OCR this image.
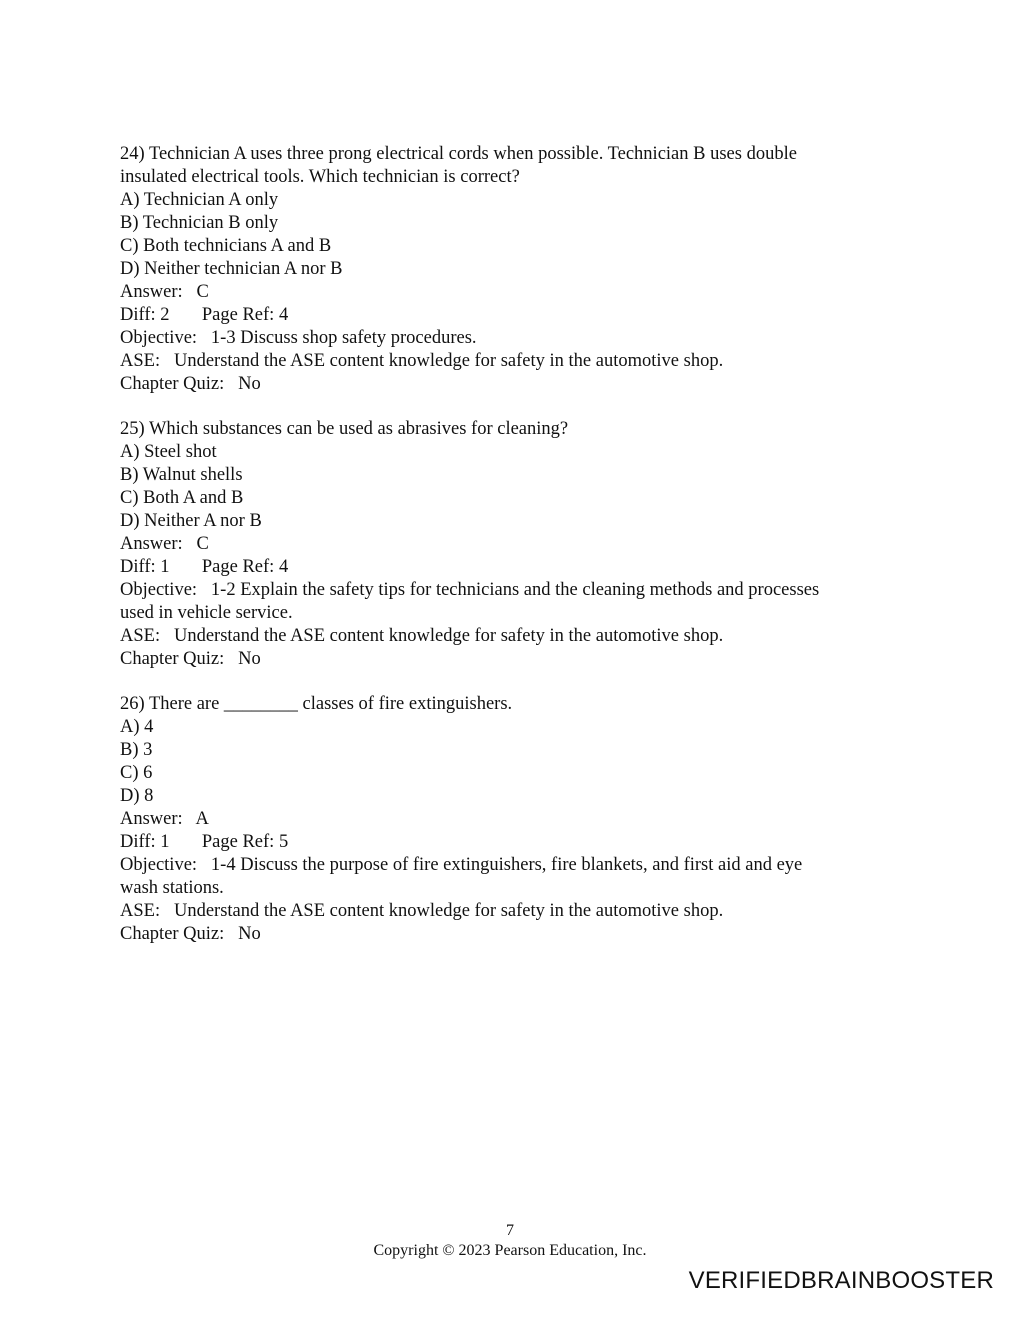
24) Technician A uses three prong electrical cords when possible. Technician B uses double
insulated electrical tools. Which technician is correct?
A) Technician A only
B) Technician B only
C) Both technicians A and B
D) Neither technician A nor B
Answer:   C
Diff: 2       Page Ref: 4
Objective:   1-3 Discuss shop safety procedures.
ASE:   Understand the ASE content knowledge for safety in the automotive shop.
Chapter Quiz:   No
25) Which substances can be used as abrasives for cleaning?
A) Steel shot
B) Walnut shells
C) Both A and B
D) Neither A nor B
Answer:   C
Diff: 1       Page Ref: 4
Objective:   1-2 Explain the safety tips for technicians and the cleaning methods and processes
used in vehicle service.
ASE:   Understand the ASE content knowledge for safety in the automotive shop.
Chapter Quiz:   No
26) There are ________ classes of fire extinguishers.
A) 4
B) 3
C) 6
D) 8
Answer:   A
Diff: 1       Page Ref: 5
Objective:   1-4 Discuss the purpose of fire extinguishers, fire blankets, and first aid and eye
wash stations.
ASE:   Understand the ASE content knowledge for safety in the automotive shop.
Chapter Quiz:   No
7
Copyright © 2023 Pearson Education, Inc.
VERIFIEDBRAINBOOSTER
